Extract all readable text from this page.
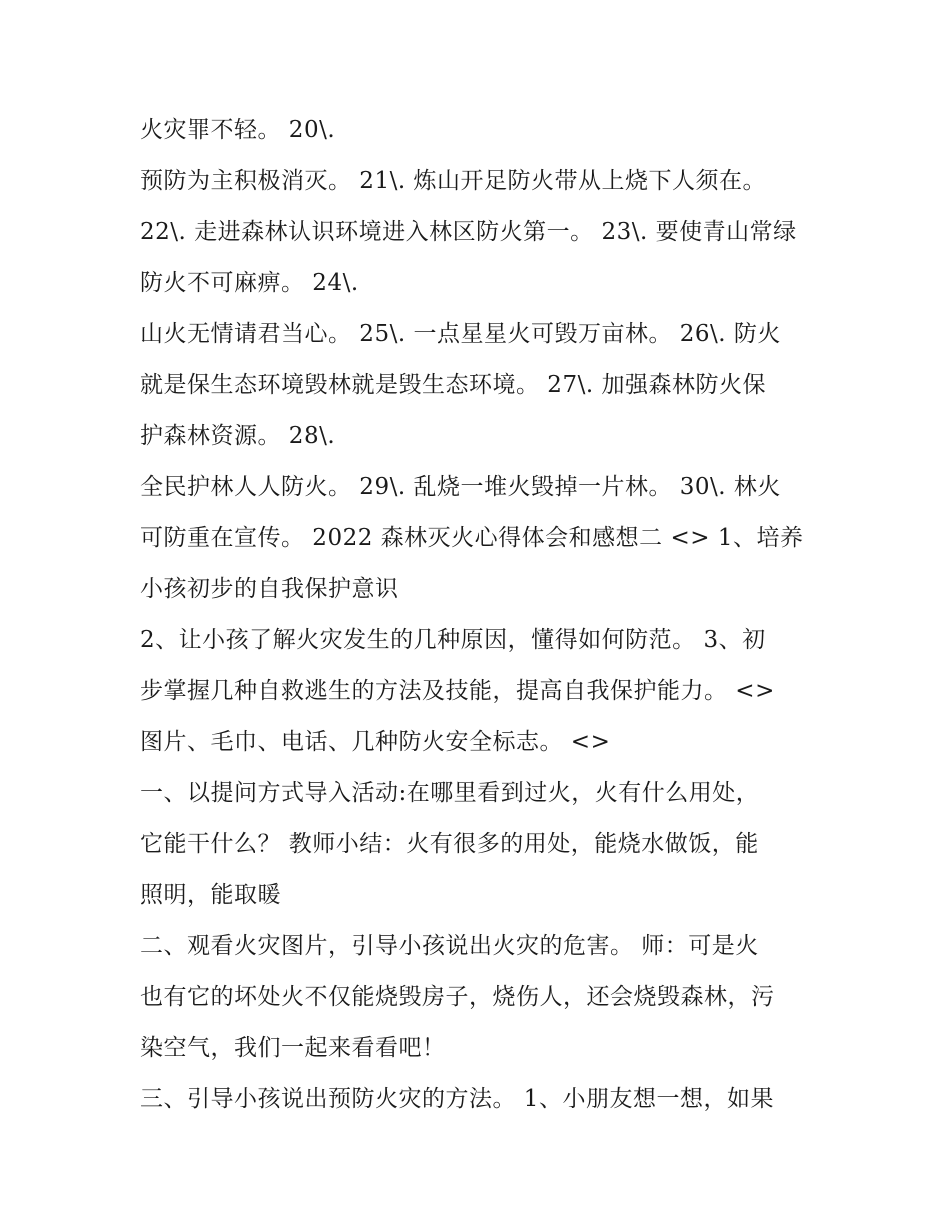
火灾罪不轻。 20\.
预防为主积极消灭。 21\. 炼山开足防火带从上烧下人须在。
22\. 走进森林认识环境进入林区防火第一。 23\. 要使青山常绿
防火不可麻痹。 24\.
山火无情请君当心。 25\. 一点星星火可毁万亩林。 26\. 防火
就是保生态环境毁林就是毁生态环境。 27\. 加强森林防火保
护森林资源。 28\.
全民护林人人防火。 29\. 乱烧一堆火毁掉一片林。 30\. 林火
可防重在宣传。 2022 森林灭火心得体会和感想二 <> 1、培养
小孩初步的自我保护意识
2、让小孩了解火灾发生的几种原因，懂得如何防范。 3、初
步掌握几种自救逃生的方法及技能，提高自我保护能力。 <>
图片、毛巾、电话、几种防火安全标志。 <>
一、以提问方式导入活动:在哪里看到过火，火有什么用处，
它能干什么？ 教师小结：火有很多的用处，能烧水做饭，能
照明，能取暖
二、观看火灾图片，引导小孩说出火灾的危害。 师：可是火
也有它的坏处火不仅能烧毁房子，烧伤人，还会烧毁森林，污
染空气，我们一起来看看吧！
三、引导小孩说出预防火灾的方法。 1、小朋友想一想，如果
